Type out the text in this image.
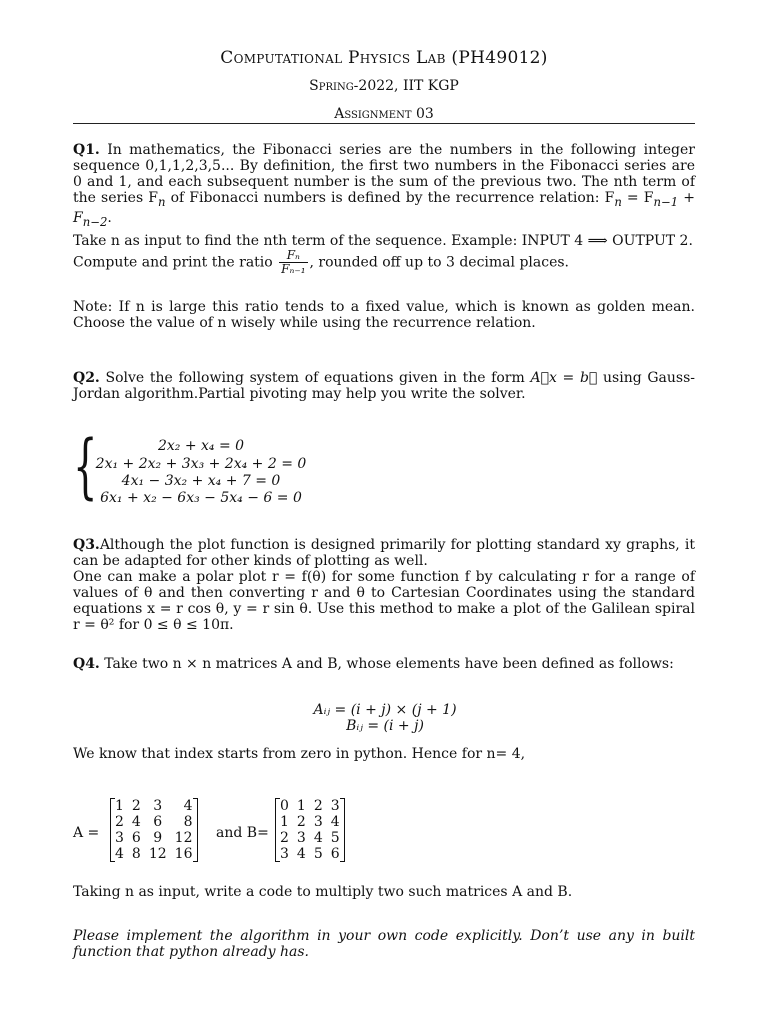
Computational Physics Lab (PH49012)
Spring-2022, IIT KGP
Assignment 03
Q1. In mathematics, the Fibonacci series are the numbers in the following integer sequence 0,1,1,2,3,5... By definition, the first two numbers in the Fibonacci series are 0 and 1, and each subsequent number is the sum of the previous two. The nth term of the series $F_n$ of Fibonacci numbers is defined by the recurrence relation: $F_n = F_{n-1} + F_{n-2}$.
Take n as input to find the nth term of the sequence. Example: INPUT 4 ⟹ OUTPUT 2.
Compute and print the ratio $\frac{\text{Fₙ}}{\text{Fₙ₋₁}}$ , rounded off up to 3 decimal places.
Note: If n is large this ratio tends to a fixed value, which is known as golden mean. Choose the value of n wisely while using the recurrence relation.
Q2. Solve the following system of equations given in the form A⃗x = b⃗ using Gauss-Jordan algorithm.Partial pivoting may help you write the solver.
{	2x₂ + x₄ = 0
2x₁ + 2x₂ + 3x₃ + 2x₄ + 2 = 0
4x₁ − 3x₂ + x₄ + 7 = 0
6x₁ + x₂ − 6x₃ − 5x₄ − 6 = 0
Q3.Although the plot function is designed primarily for plotting standard xy graphs, it can be adapted for other kinds of plotting as well.
One can make a polar plot r = f(θ) for some function f by calculating r for a range of values of θ and then converting r and θ to Cartesian Coordinates using the standard equations x = r cos θ, y = r sin θ. Use this method to make a plot of the Galilean spiral r = θ² for 0 ≤ θ ≤ 10π.
Q4. Take two n × n matrices A and B, whose elements have been defined as follows:
Aᵢⱼ = (i + j) × (j + 1)
Bᵢⱼ = (i + j)
We know that index starts from zero in python. Hence for n= 4,
A =
1	2	3	4
2	4	6	8
3	6	9	12
4	8	12	16
and B=
0	1	2	3
1	2	3	4
2	3	4	5
3	4	5	6
Taking n as input, write a code to multiply two such matrices A and B.
Please implement the algorithm in your own code explicitly. Don’t use any in built function that python already has.
